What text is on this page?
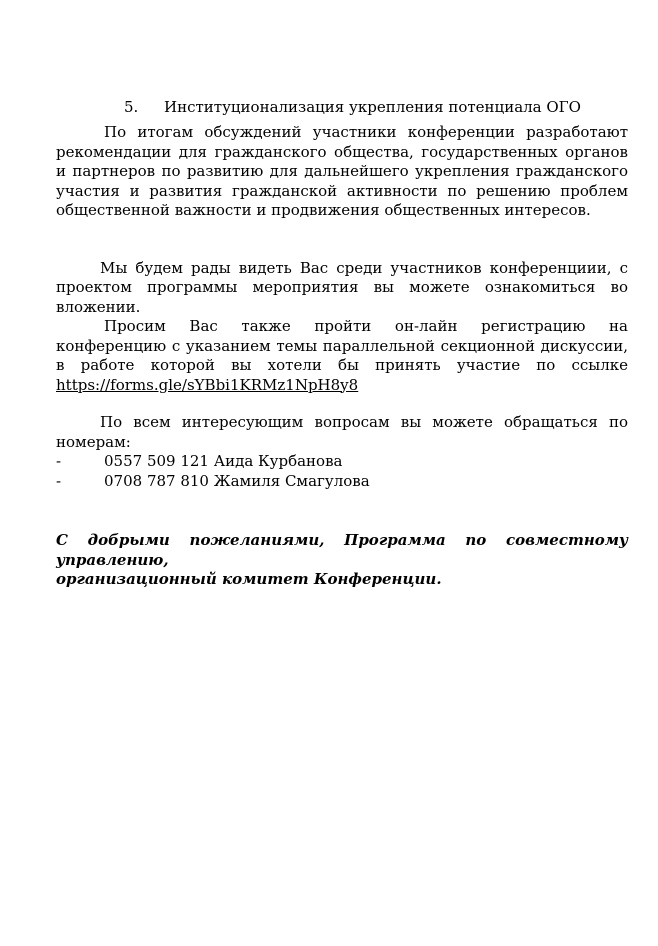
5. Институционализация укрепления потенциала ОГО

По итогам обсуждений участники конференции разработают рекомендации для гражданского общества, государственных органов и партнеров по развитию для дальнейшего укрепления гражданского участия и развития гражданской активности по решению проблем общественной важности и продвижения общественных интересов.

Мы будем рады видеть Вас среди участников конференциии, с проектом программы мероприятия вы можете ознакомиться во вложении.

Просим Вас также пройти он-лайн регистрацию на конференцию с указанием темы параллельной секционной дискуссии, в работе которой вы хотели бы принять участие по ссылке https://forms.gle/sYBbi1KRMz1NpH8y8

По всем интересующим вопросам вы можете обращаться по номерам:

-	0557 509 121 Аида Курбанова
-	0708 787 810 Жамиля Смагулова

С добрыми пожеланиями, Программа по совместному управлению,

организационный комитет Конференции.
